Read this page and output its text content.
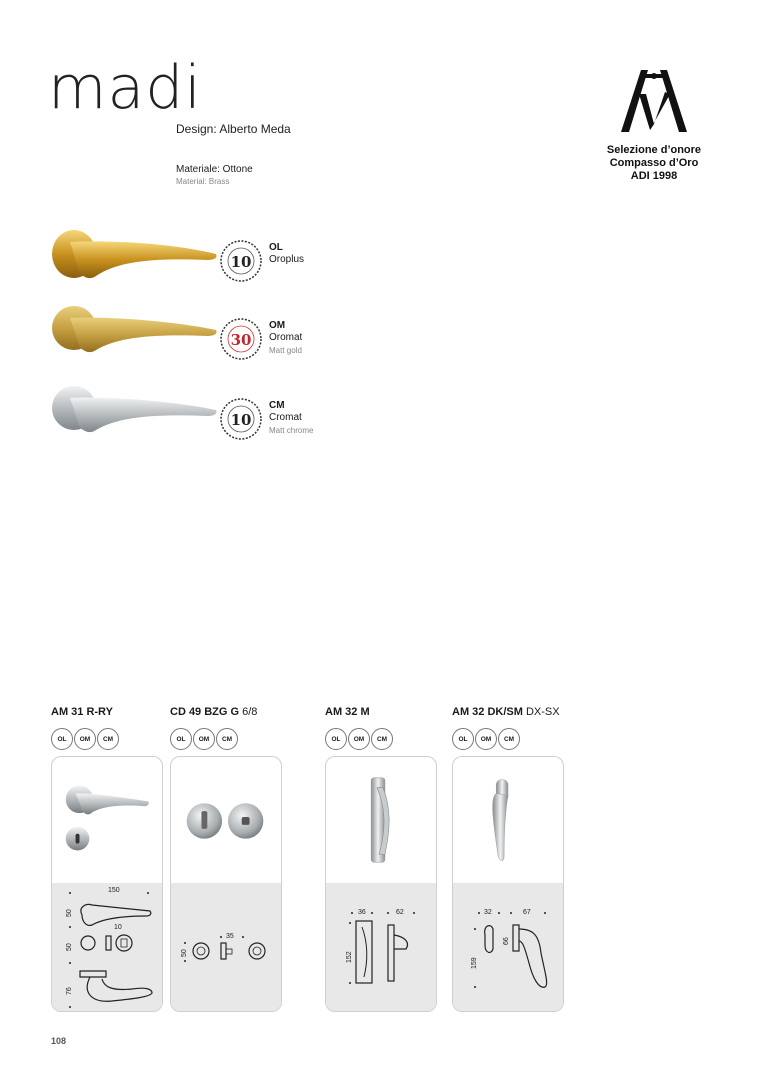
madi
Design: Alberto Meda
Materiale: Ottone
Material: Brass
Selezione d’onore
Compasso d’Oro
ADI 1998
10
OL
Oroplus
30
OM
Oromat
Matt gold
10
CM
Cromat
Matt chrome
AM 31 R-RY
OL	OM	CM
150
50
50
10
76
CD 49 BZG G 6/8
OL	OM	CM
35
50
AM 32 M
OL	OM	CM
36	62
152
AM 32 DK/SM DX-SX
OL	OM	CM
32	67
66
159
108
